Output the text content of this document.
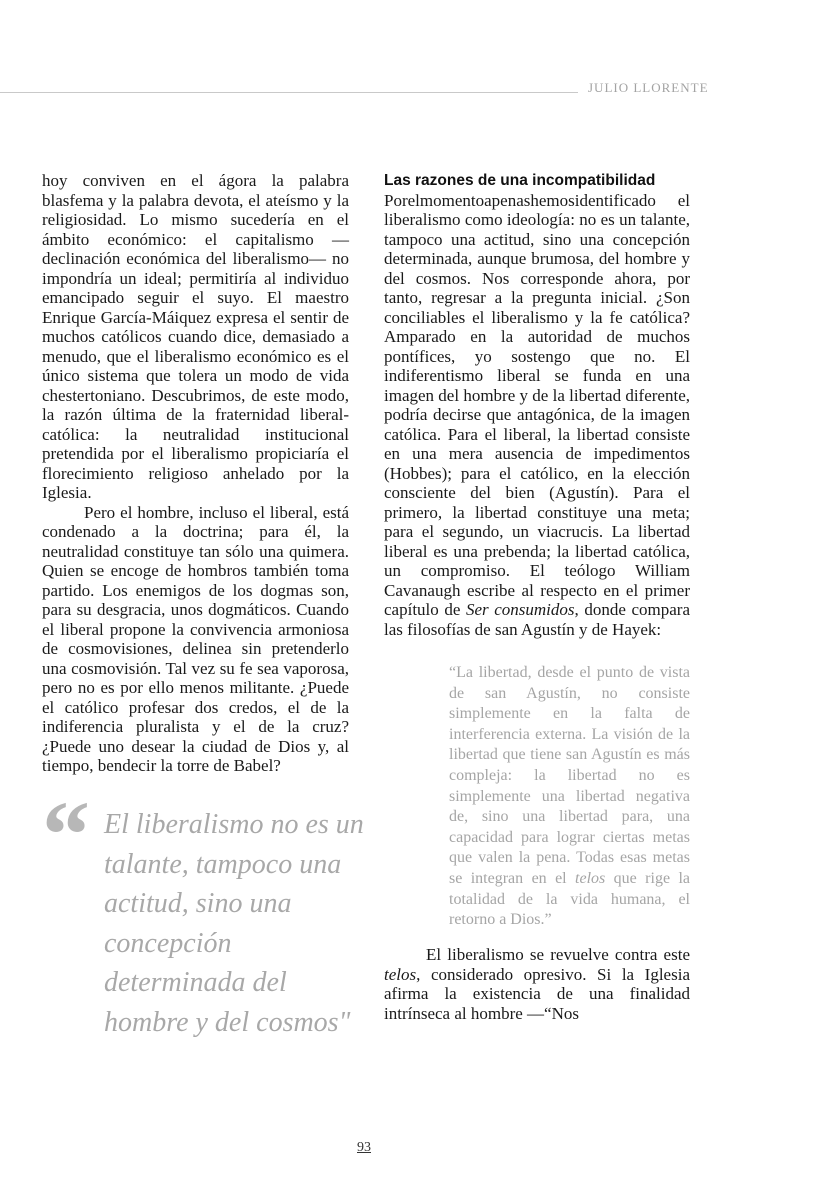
JULIO LLORENTE

hoy conviven en el ágora la palabra blasfema y la palabra devota, el ateísmo y la religiosidad. Lo mismo sucedería en el ámbito económico: el capitalismo —declinación económica del liberalismo— no impondría un ideal; permitiría al individuo emancipado seguir el suyo. El maestro Enrique García-Máiquez expresa el sentir de muchos católicos cuando dice, demasiado a menudo, que el liberalismo económico es el único sistema que tolera un modo de vida chestertoniano. Descubrimos, de este modo, la razón última de la fraternidad liberal-católica: la neutralidad institucional pretendida por el liberalismo propiciaría el florecimiento religioso anhelado por la Iglesia.

Pero el hombre, incluso el liberal, está condenado a la doctrina; para él, la neutralidad constituye tan sólo una quimera. Quien se encoge de hombros también toma partido. Los enemigos de los dogmas son, para su desgracia, unos dogmáticos. Cuando el liberal propone la convivencia armoniosa de cosmovisiones, delinea sin pretenderlo una cosmovisión. Tal vez su fe sea vaporosa, pero no es por ello menos militante. ¿Puede el católico profesar dos credos, el de la indiferencia pluralista y el de la cruz? ¿Puede uno desear la ciudad de Dios y, al tiempo, bendecir la torre de Babel?

“ El liberalismo no es un talante, tampoco una actitud, sino una concepción determinada del hombre y del cosmos"
Las razones de una incompatibilidad

Porelmomentoapenashemosidentificado el liberalismo como ideología: no es un talante, tampoco una actitud, sino una concepción determinada, aunque brumosa, del hombre y del cosmos. Nos corresponde ahora, por tanto, regresar a la pregunta inicial. ¿Son conciliables el liberalismo y la fe católica? Amparado en la autoridad de muchos pontífices, yo sostengo que no. El indiferentismo liberal se funda en una imagen del hombre y de la libertad diferente, podría decirse que antagónica, de la imagen católica. Para el liberal, la libertad consiste en una mera ausencia de impedimentos (Hobbes); para el católico, en la elección consciente del bien (Agustín). Para el primero, la libertad constituye una meta; para el segundo, un viacrucis. La libertad liberal es una prebenda; la libertad católica, un compromiso. El teólogo William Cavanaugh escribe al respecto en el primer capítulo de Ser consumidos, donde compara las filosofías de san Agustín y de Hayek:

“La libertad, desde el punto de vista de san Agustín, no consiste simplemente en la falta de interferencia externa. La visión de la libertad que tiene san Agustín es más compleja: la libertad no es simplemente una libertad negativa de, sino una libertad para, una capacidad para lograr ciertas metas que valen la pena. Todas esas metas se integran en el telos que rige la totalidad de la vida humana, el retorno a Dios.”

El liberalismo se revuelve contra este telos, considerado opresivo. Si la Iglesia afirma la existencia de una finalidad intrínseca al hombre —“Nos

93
